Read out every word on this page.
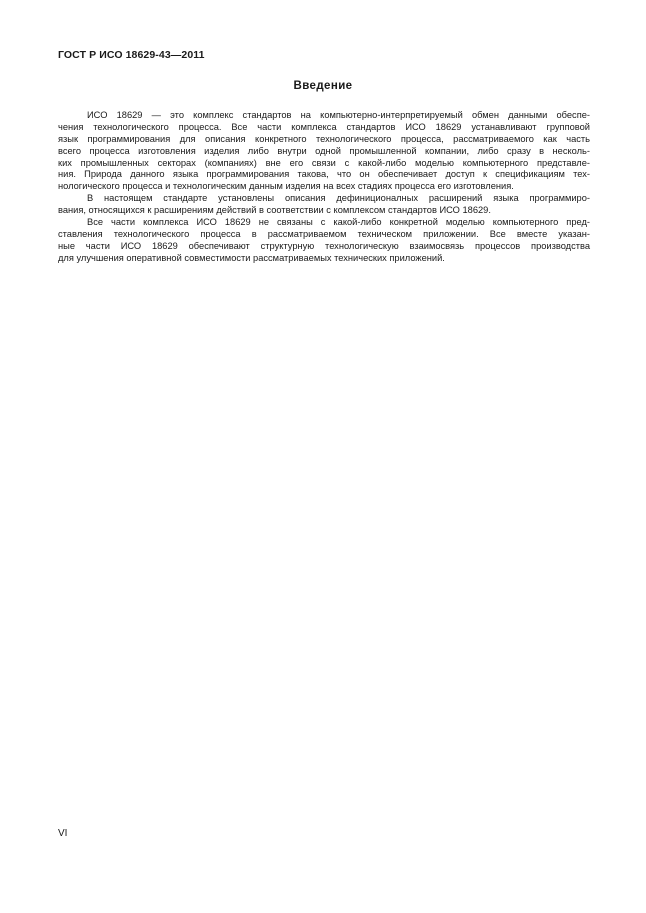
ГОСТ Р ИСО 18629-43—2011
Введение
ИСО 18629 — это комплекс стандартов на компьютерно-интерпретируемый обмен данными обеспе-
чения технологического процесса. Все части комплекса стандартов ИСО 18629 устанавливают групповой
язык программирования для описания конкретного технологического процесса, рассматриваемого как часть
всего процесса изготовления изделия либо внутри одной промышленной компании, либо сразу в несколь-
ких промышленных секторах (компаниях) вне его связи с какой-либо моделью компьютерного представле-
ния. Природа данного языка программирования такова, что он обеспечивает доступ к спецификациям тех-
нологического процесса и технологическим данным изделия на всех стадиях процесса его изготовления.
В настоящем стандарте установлены описания дефиниционалных расширений языка программиро-
вания, относящихся к расширениям действий в соответствии с комплексом стандартов ИСО 18629.
Все части комплекса ИСО 18629 не связаны с какой-либо конкретной моделью компьютерного пред-
ставления технологического процесса в рассматриваемом техническом приложении. Все вместе указан-
ные части ИСО 18629 обеспечивают структурную технологическую взаимосвязь процессов производства
для улучшения оперативной совместимости рассматриваемых технических приложений.
VI
